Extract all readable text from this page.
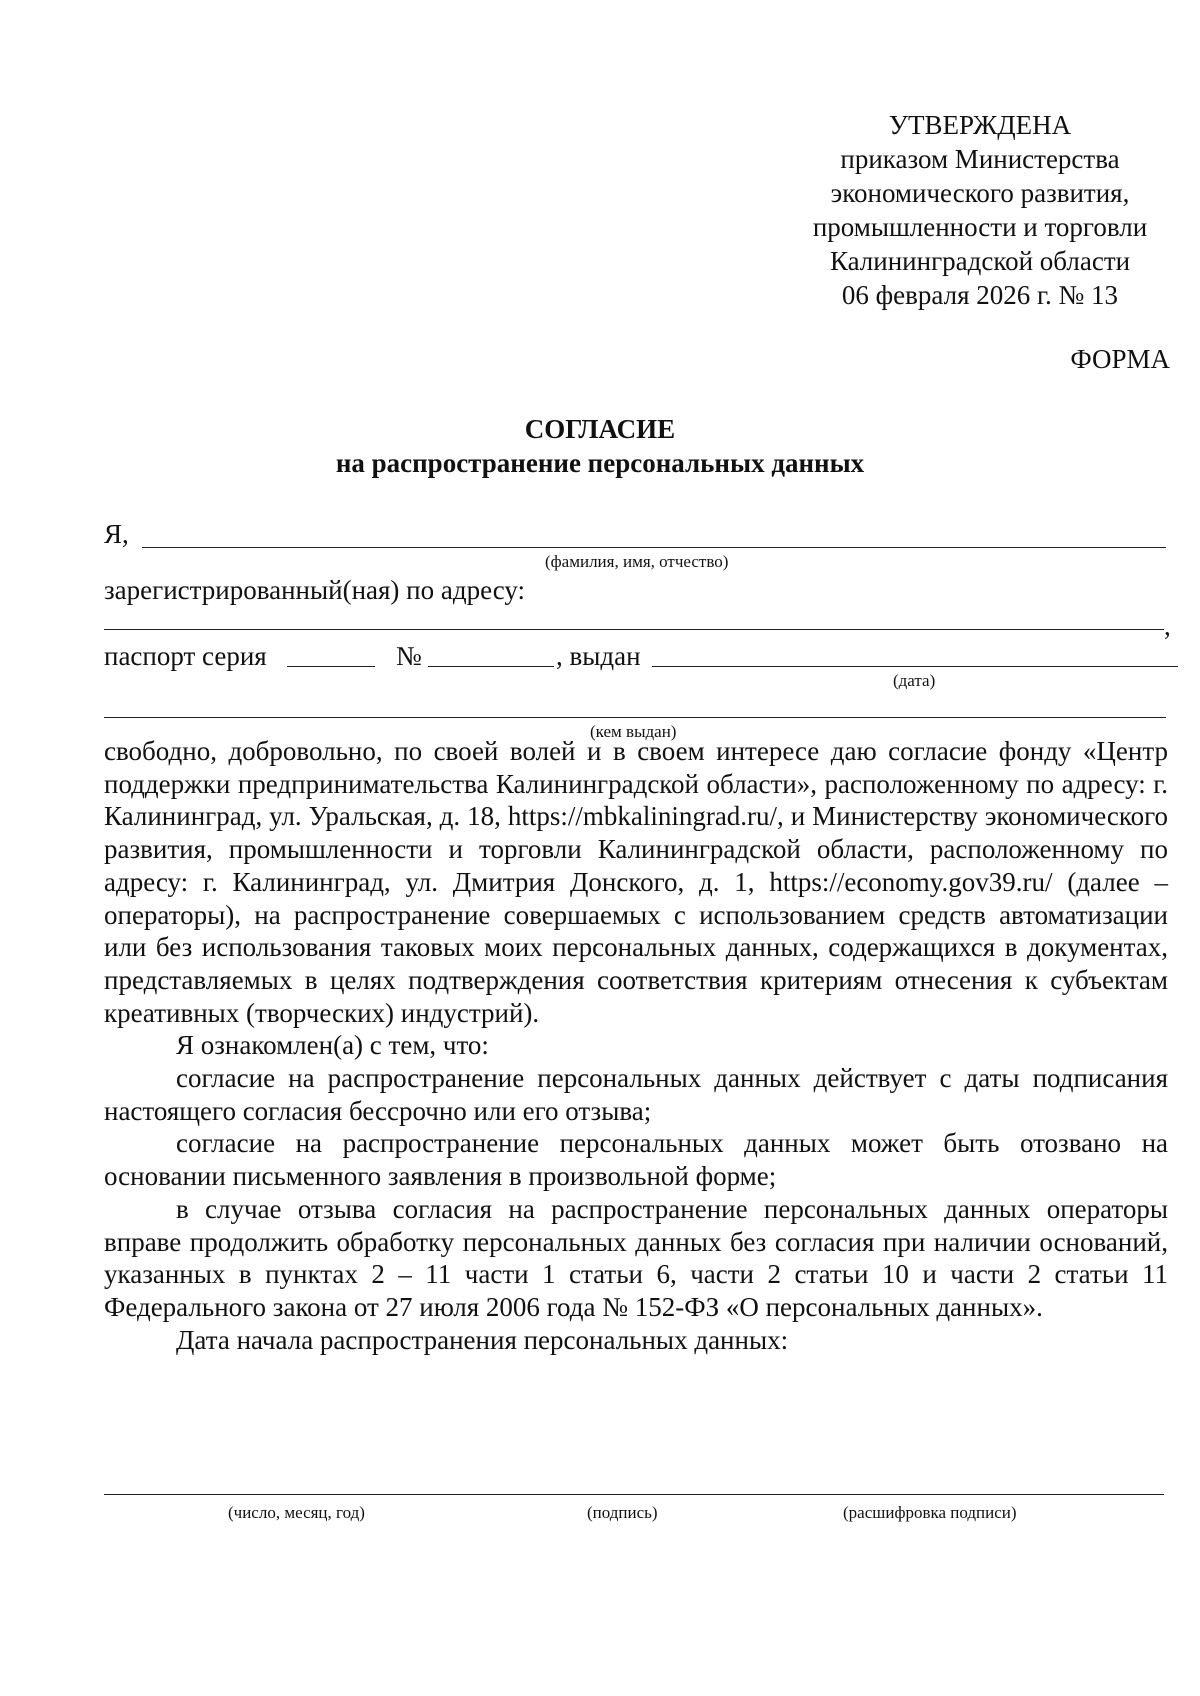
УТВЕРЖДЕНА
приказом Министерства
экономического развития,
промышленности и торговли
Калининградской области
06 февраля 2026 г. № 13
ФОРМА
СОГЛАСИЕ
на распространение персональных данных
Я,
(фамилия, имя, отчество)
зарегистрированный(ная) по адресу:
,
паспорт серия	№	, выдан
(дата)
(кем выдан)

свободно, добровольно, по своей волей и в своем интересе даю согласие фонду «Центр поддержки предпринимательства Калининградской области», расположенному по адресу: г. Калининград, ул. Уральская, д. 18, https://mbkaliningrad.ru/, и Министерству экономического развития, промышленности и торговли Калининградской области, расположенному по адресу: г. Калининград, ул. Дмитрия Донского, д. 1, https://economy.gov39.ru/ (далее – операторы), на распространение совершаемых с использованием средств автоматизации или без использования таковых моих персональных данных, содержащихся в документах, представляемых в целях подтверждения соответствия критериям отнесения к субъектам креативных (творческих) индустрий).

Я ознакомлен(а) с тем, что:

согласие на распространение персональных данных действует с даты подписания настоящего согласия бессрочно или его отзыва;

согласие на распространение персональных данных может быть отозвано на основании письменного заявления в произвольной форме;

в случае отзыва согласия на распространение персональных данных операторы вправе продолжить обработку персональных данных без согласия при наличии оснований, указанных в пунктах 2 – 11 части 1 статьи 6, части 2 статьи 10 и части 2 статьи 11 Федерального закона от 27 июля 2006 года № 152-ФЗ «О персональных данных».

Дата начала распространения персональных данных:

(число, месяц, год)	(подпись)	(расшифровка подписи)
